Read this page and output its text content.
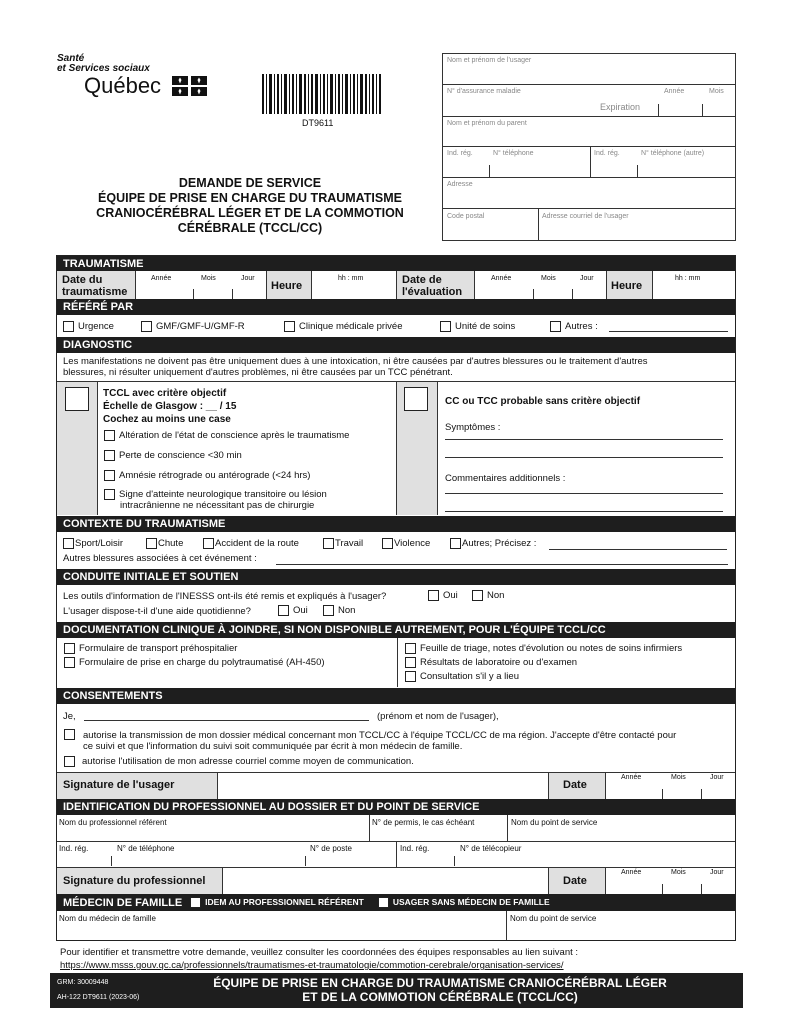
Santé
et Services sociaux
Québec
DT9611
DEMANDE DE SERVICE
ÉQUIPE DE PRISE EN CHARGE DU TRAUMATISME
CRANIOCÉRÉBRAL LÉGER ET DE LA COMMOTION
CÉRÉBRALE (TCCL/CC)
Nom et prénom de l'usager
N° d'assurance maladie	Année	Mois
Expiration
Nom et prénom du parent
Ind. rég.	N° téléphone	Ind. rég.	N° téléphone (autre)
Adresse
Code postal	Adresse courriel de l'usager
TRAUMATISME
Date du
traumatisme
Année	Mois	Jour
Heure
hh : mm	Date de
l'évaluation
Année	Mois	Jour
Heure
hh : mm
RÉFÉRÉ PAR
Urgence	GMF/GMF-U/GMF-R	Clinique médicale privée	Unité de soins	Autres :
DIAGNOSTIC
Les manifestations ne doivent pas être uniquement dues à une intoxication, ni être causées par d'autres blessures ou le traitement d'autres
blessures, ni résulter uniquement d'autres problèmes, ni être causées par un TCC pénétrant.
TCCL avec critère objectif
Échelle de Glasgow : __ / 15
Cochez au moins une case
Altération de l'état de conscience après le traumatisme
Perte de conscience <30 min
Amnésie rétrograde ou antérograde (<24 hrs)
Signe d'atteinte neurologique transitoire ou lésion
intracrânienne ne nécessitant pas de chirurgie
CC ou TCC probable sans critère objectif
Symptômes :
Commentaires additionnels :
CONTEXTE DU TRAUMATISME
Sport/Loisir	Chute	Accident de la route	Travail	Violence	Autres; Précisez :
Autres blessures associées à cet événement :
CONDUITE INITIALE ET SOUTIEN
Les outils d'information de l'INESSS ont-ils été remis et expliqués à l'usager?	Oui	Non
L'usager dispose-t-il d'une aide quotidienne?	Oui	Non
DOCUMENTATION CLINIQUE À JOINDRE, SI NON DISPONIBLE AUTREMENT, POUR L'ÉQUIPE TCCL/CC
Formulaire de transport préhospitalier
Formulaire de prise en charge du polytraumatisé (AH-450)
Feuille de triage, notes d'évolution ou notes de soins infirmiers
Résultats de laboratoire ou d'examen
Consultation s'il y a lieu
CONSENTEMENTS
Je,	(prénom et nom de l'usager),
autorise la transmission de mon dossier médical concernant mon TCCL/CC à l'équipe TCCL/CC de ma région. J'accepte d'être contacté pour
ce suivi et que l'information du suivi soit communiquée par écrit à mon médecin de famille.
autorise l'utilisation de mon adresse courriel comme moyen de communication.
Signature de l'usager	Date
Année	Mois	Jour
IDENTIFICATION DU PROFESSIONNEL AU DOSSIER ET DU POINT DE SERVICE
Nom du professionnel référent	N° de permis, le cas échéant	Nom du point de service
Ind. rég.	N° de téléphone	N° de poste	Ind. rég.	N° de télécopieur
Signature du professionnel	Date
Année	Mois	Jour
MÉDECIN DE FAMILLE	IDEM AU PROFESSIONNEL RÉFÉRENT	USAGER SANS MÉDECIN DE FAMILLE
Nom du médecin de famille	Nom du point de service
Pour identifier et transmettre votre demande, veuillez consulter les coordonnées des équipes responsables au lien suivant :
https://www.msss.gouv.qc.ca/professionnels/traumatismes-et-traumatologie/commotion-cerebrale/organisation-services/
GRM: 30009448
AH-122 DT9611 (2023-06)
ÉQUIPE DE PRISE EN CHARGE DU TRAUMATISME CRANIOCÉRÉBRAL LÉGER
ET DE LA COMMOTION CÉRÉBRALE (TCCL/CC)
